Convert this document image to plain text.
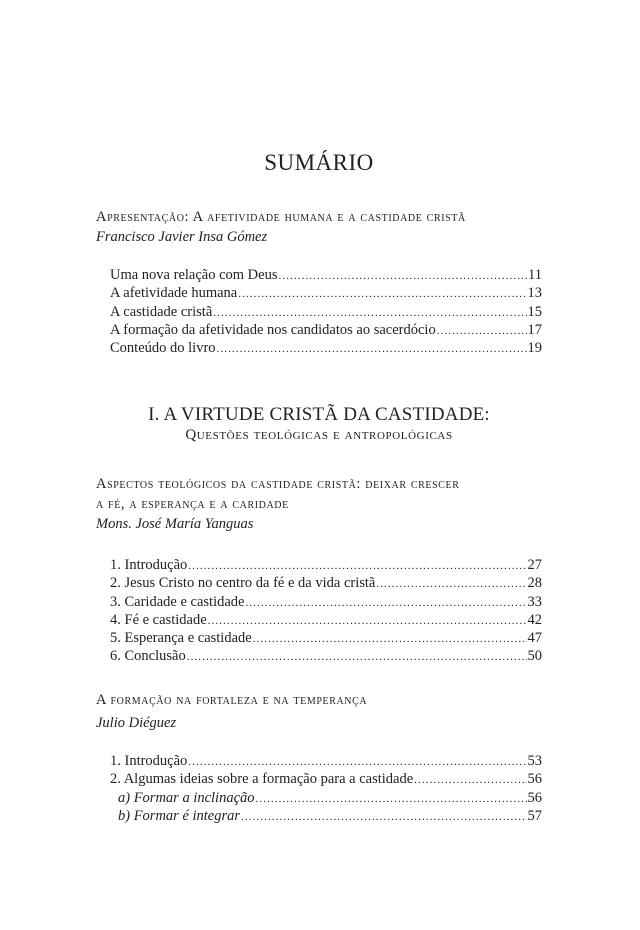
SUMÁRIO
Apresentação: A afetividade humana e a castidade cristã
Francisco Javier Insa Gómez
Uma nova relação com Deus .....	11
A afetividade humana .....	13
A castidade cristã .....	15
A formação da afetividade nos candidatos ao sacerdócio .....	17
Conteúdo do livro .....	19
I. A VIRTUDE CRISTÃ DA CASTIDADE:
Questões teológicas e antropológicas
Aspectos teológicos da castidade cristã: deixar crescer
a fé, a esperança e a caridade
Mons. José María Yanguas
1. Introdução .....	27
2. Jesus Cristo no centro da fé e da vida cristã .....	28
3. Caridade e castidade .....	33
4. Fé e castidade .....	42
5. Esperança e castidade .....	47
6. Conclusão .....	50
A formação na fortaleza e na temperança
Julio Diéguez
1. Introdução .....	53
2. Algumas ideias sobre a formação para a castidade .....	56
a) Formar a inclinação .....	56
b) Formar é integrar .....	57
